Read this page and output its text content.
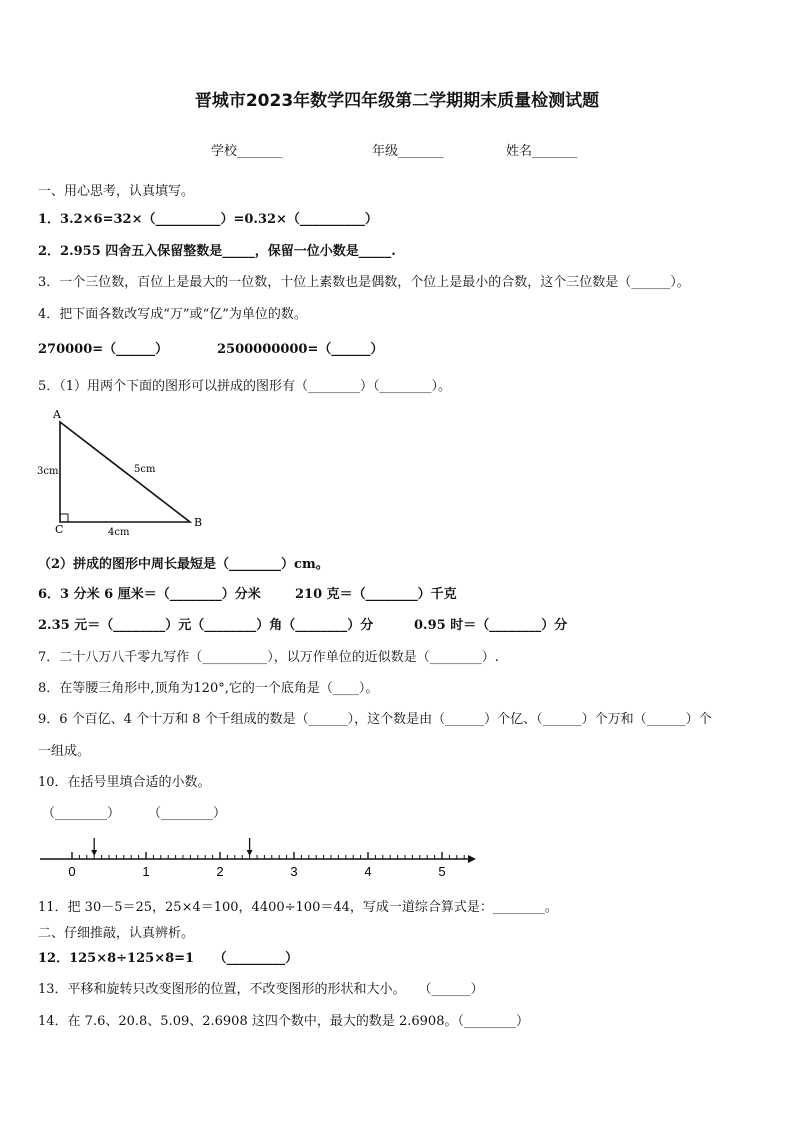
晋城市2023年数学四年级第二学期期末质量检测试题
学校_______	年级_______	姓名_______
一、用心思考，认真填写。
1．3.2×6=32×（__________）=0.32×（__________）
2．2.955 四舍五入保留整数是_____，保留一位小数是_____.
3．一个三位数，百位上是最大的一位数，十位上素数也是偶数，个位上是最小的合数，这个三位数是（______）。
4．把下面各数改写成“万”或“亿”为单位的数。
270000=（______）	2500000000=（______）
5．（1）用两个下面的图形可以拼成的图形有（________）（________）。
A
C
B
3cm	5cm
4cm
（2）拼成的图形中周长最短是（________）cm。
6．3 分米 6 厘米＝（________）分米	210 克＝（________）千克
2.35 元＝（________）元（________）角（________）分	0.95 时＝（________）分
7．二十八万八千零九写作（__________），以万作单位的近似数是（________）.
8．在等腰三角形中,顶角为120°,它的一个底角是（____）。
9．6 个百亿、4 个十万和 8 个千组成的数是（______），这个数是由（______）个亿、（______）个万和（______）个
一组成。
10．在括号里填合适的小数。
（________） （________）
0	1	2	3	4	5
11．把 30－5＝25，25×4＝100，4400÷100＝44，写成一道综合算式是：________。
二、仔细推敲，认真辨析。
12．125×8÷125×8=1　　（_________）
13．平移和旋转只改变图形的位置，不改变图形的形状和大小。　　（______）
14．在 7.6、20.8、5.09、2.6908 这四个数中，最大的数是 2.6908。（________）
